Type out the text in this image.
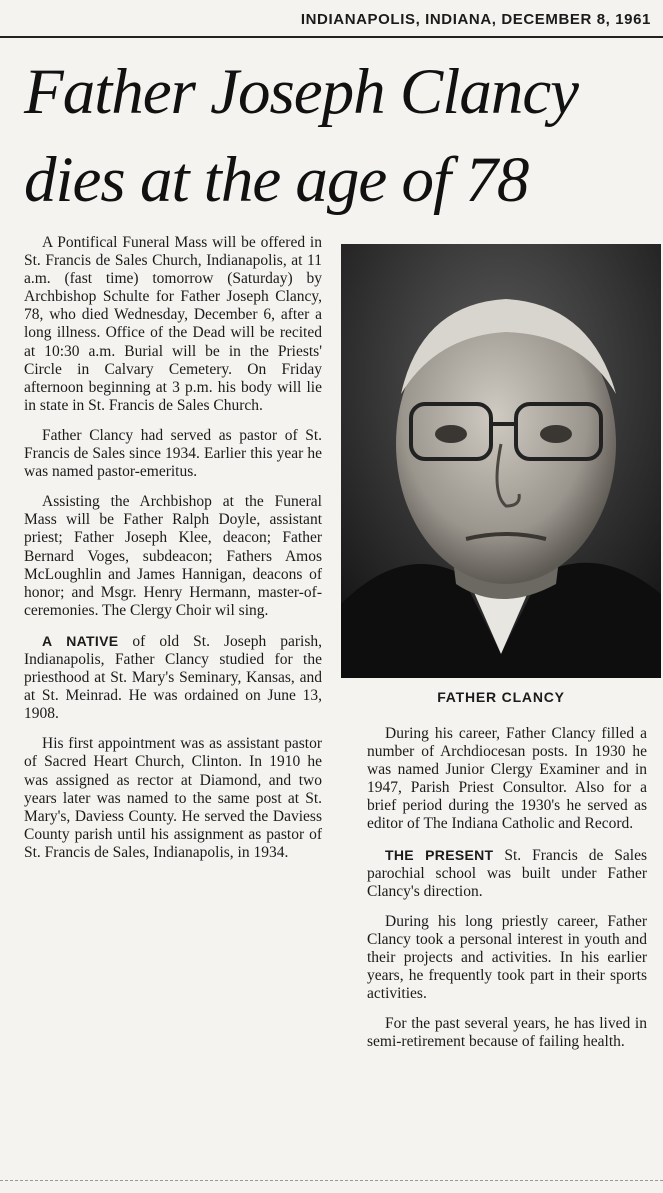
INDIANAPOLIS, INDIANA, DECEMBER 8, 1961
Father Joseph Clancy
dies at the age of 78

A Pontifical Funeral Mass will be offered in St. Francis de Sales Church, Indianapolis, at 11 a.m. (fast time) tomorrow (Saturday) by Archbishop Schulte for Father Joseph Clancy, 78, who died Wednesday, December 6, after a long illness. Office of the Dead will be recited at 10:30 a.m. Burial will be in the Priests' Circle in Calvary Cemetery. On Friday afternoon beginning at 3 p.m. his body will lie in state in St. Francis de Sales Church.

Father Clancy had served as pastor of St. Francis de Sales since 1934. Earlier this year he was named pastor-emeritus.

Assisting the Archbishop at the Funeral Mass will be Father Ralph Doyle, assistant priest; Father Joseph Klee, deacon; Father Bernard Voges, subdeacon; Fathers Amos McLoughlin and James Hannigan, deacons of honor; and Msgr. Henry Hermann, master-of-ceremonies. The Clergy Choir wil sing.

A NATIVE of old St. Joseph parish, Indianapolis, Father Clancy studied for the priesthood at St. Mary's Seminary, Kansas, and at St. Meinrad. He was ordained on June 13, 1908.

His first appointment was as assistant pastor of Sacred Heart Church, Clinton. In 1910 he was assigned as rector at Diamond, and two years later was named to the same post at St. Mary's, Daviess County. He served the Daviess County parish until his assignment as pastor of St. Francis de Sales, Indianapolis, in 1934.

FATHER CLANCY

During his career, Father Clancy filled a number of Archdiocesan posts. In 1930 he was named Junior Clergy Examiner and in 1947, Parish Priest Consultor. Also for a brief period during the 1930's he served as editor of The Indiana Catholic and Record.

THE PRESENT St. Francis de Sales parochial school was built under Father Clancy's direction.

During his long priestly career, Father Clancy took a personal interest in youth and their projects and activities. In his earlier years, he frequently took part in their sports activities.

For the past several years, he has lived in semi-retirement because of failing health.
